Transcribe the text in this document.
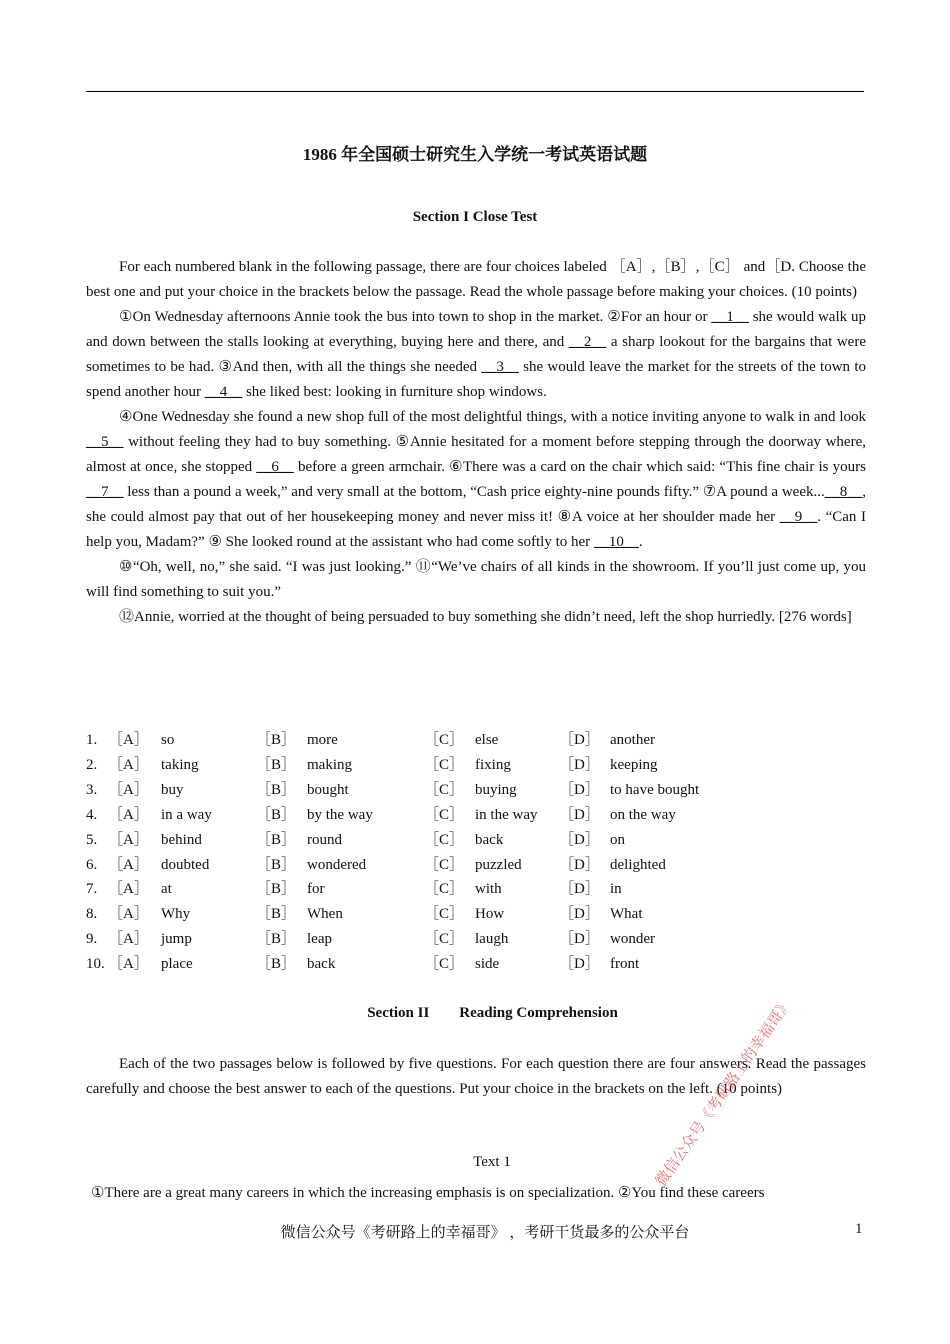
1986 年全国硕士研究生入学统一考试英语试题
Section I Close Test

For each numbered blank in the following passage, there are four choices labeled ［A］,［B］,［C］ and［D. Choose the best one and put your choice in the brackets below the passage. Read the whole passage before making your choices. (10 points)

①On Wednesday afternoons Annie took the bus into town to shop in the market. ②For an hour or __1__ she would walk up and down between the stalls looking at everything, buying here and there, and __2__ a sharp lookout for the bargains that were sometimes to be had. ③And then, with all the things she needed __3__ she would leave the market for the streets of the town to spend another hour __4__ she liked best: looking in furniture shop windows.

④One Wednesday she found a new shop full of the most delightful things, with a notice inviting anyone to walk in and look __5__ without feeling they had to buy something. ⑤Annie hesitated for a moment before stepping through the doorway where, almost at once, she stopped __6__ before a green armchair. ⑥There was a card on the chair which said: “This fine chair is yours __7__ less than a pound a week,” and very small at the bottom, “Cash price eighty-nine pounds fifty.” ⑦A pound a week...__8__, she could almost pay that out of her housekeeping money and never miss it! ⑧A voice at her shoulder made her __9__. “Can I help you, Madam?” ⑨ She looked round at the assistant who had come softly to her __10__.

⑩“Oh, well, no,” she said. “I was just looking.” ⑪“We’ve chairs of all kinds in the showroom. If you’ll just come up, you will find something to suit you.”

⑫Annie, worried at the thought of being persuaded to buy something she didn’t need, left the shop hurriedly. [276 words]

1. ［A］ so	［B］ more	［C］ else	［D］ another
2. ［A］ taking	［B］ making	［C］ fixing	［D］ keeping
3. ［A］ buy	［B］ bought	［C］ buying	［D］ to have bought
4. ［A］ in a way	［B］ by the way	［C］ in the way ［D］ on the way
5. ［A］ behind	［B］ round	［C］ back	［D］ on
6. ［A］ doubted	［B］ wondered	［C］ puzzled ［D］ delighted
7. ［A］ at	［B］ for	［C］ with	［D］ in
8. ［A］ Why	［B］ When	［C］ How	［D］ What
9. ［A］ jump	［B］ leap	［C］ laugh	［D］ wonder
10. ［A］ place	［B］ back	［C］ side	［D］ front
Section II Reading Comprehension

Each of the two passages below is followed by five questions. For each question there are four answers. Read the passages carefully and choose the best answer to each of the questions. Put your choice in the brackets on the left. (10 points)

Text 1
①There are a great many careers in which the increasing emphasis is on specialization. ②You find these careers
微信公众号《考研路上的幸福哥》 ，考研干货最多的公众平台	1
微信公众号《考研路上的幸福哥》
